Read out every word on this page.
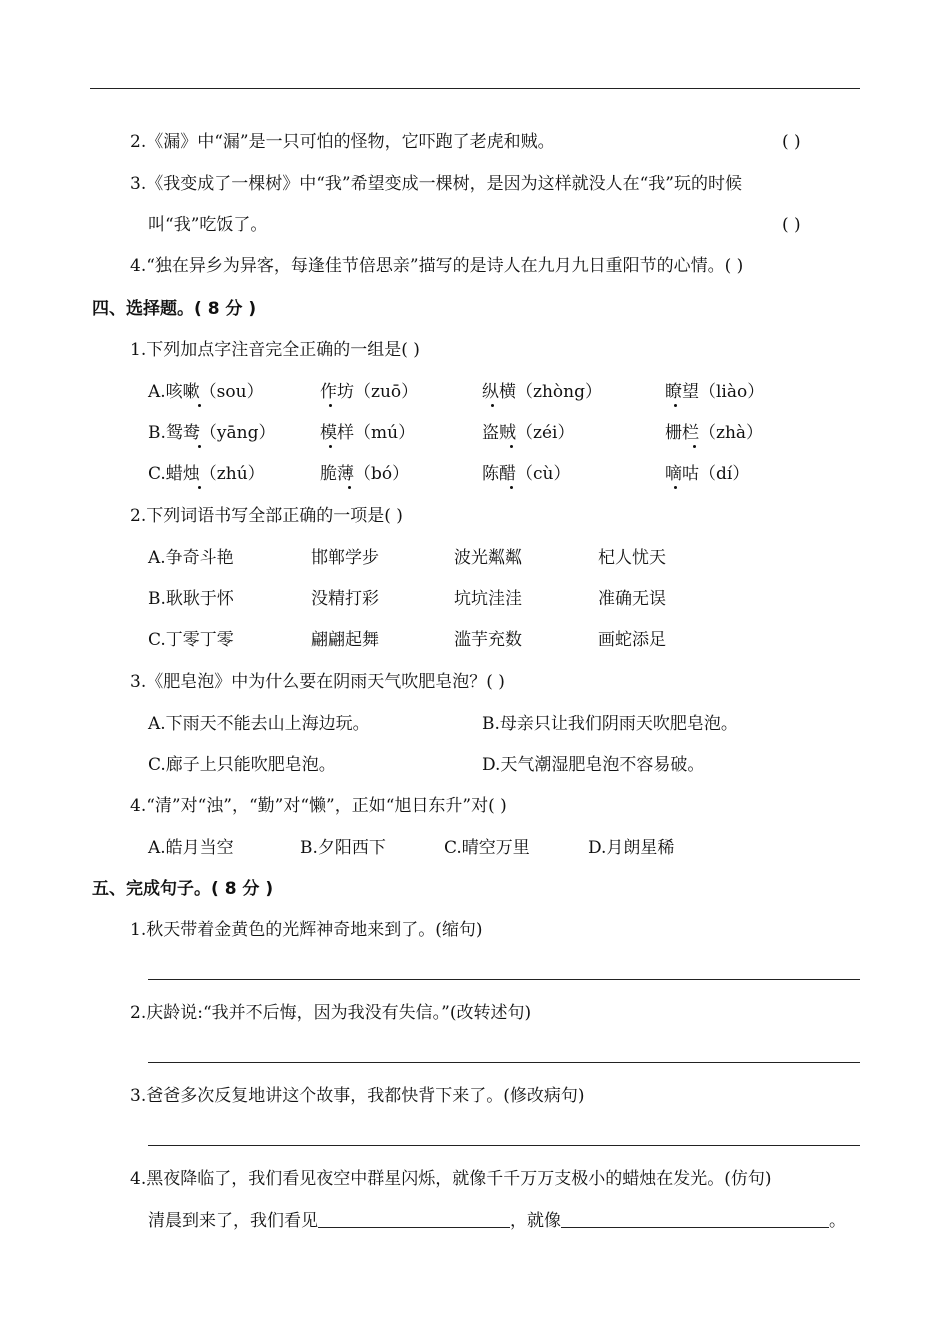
2.《漏》中“漏”是一只可怕的怪物，它吓跑了老虎和贼。	( )
3.《我变成了一棵树》中“我”希望变成一棵树，是因为这样就没人在“我”玩的时候
叫“我”吃饭了。	( )
4.“独在异乡为异客，每逢佳节倍思亲”描写的是诗人在九月九日重阳节的心情。( )
四、选择题。( 8 分 )
1.下列加点字注音完全正确的一组是( )
A.咳嗽（sou）	作坊（zuō）	纵横（zhòng）	瞭望（liào）
B.鸳鸯（yāng）	模样（mú）	盗贼（zéi）	栅栏（zhà）
C.蜡烛（zhú）	脆薄（bó）	陈醋（cù）	嘀咕（dí）
2.下列词语书写全部正确的一项是( )
A.争奇斗艳	邯郸学步	波光粼粼	杞人忧天
B.耿耿于怀	没精打彩	坑坑洼洼	准确无误
C.丁零丁零	翩翩起舞	滥芋充数	画蛇添足
3.《肥皂泡》中为什么要在阴雨天气吹肥皂泡？( )
A.下雨天不能去山上海边玩。	B.母亲只让我们阴雨天吹肥皂泡。
C.廊子上只能吹肥皂泡。	D.天气潮湿肥皂泡不容易破。
4.“清”对“浊”，“勤”对“懒”，正如“旭日东升”对( )
A.皓月当空	B.夕阳西下	C.晴空万里	D.月朗星稀
五、完成句子。( 8 分 )
1.秋天带着金黄色的光辉神奇地来到了。(缩句)
2.庆龄说:“我并不后悔，因为我没有失信。”(改转述句)
3.爸爸多次反复地讲这个故事，我都快背下来了。(修改病句)
4.黑夜降临了，我们看见夜空中群星闪烁，就像千千万万支极小的蜡烛在发光。(仿句)
清晨到来了，我们看见	，就像	。
